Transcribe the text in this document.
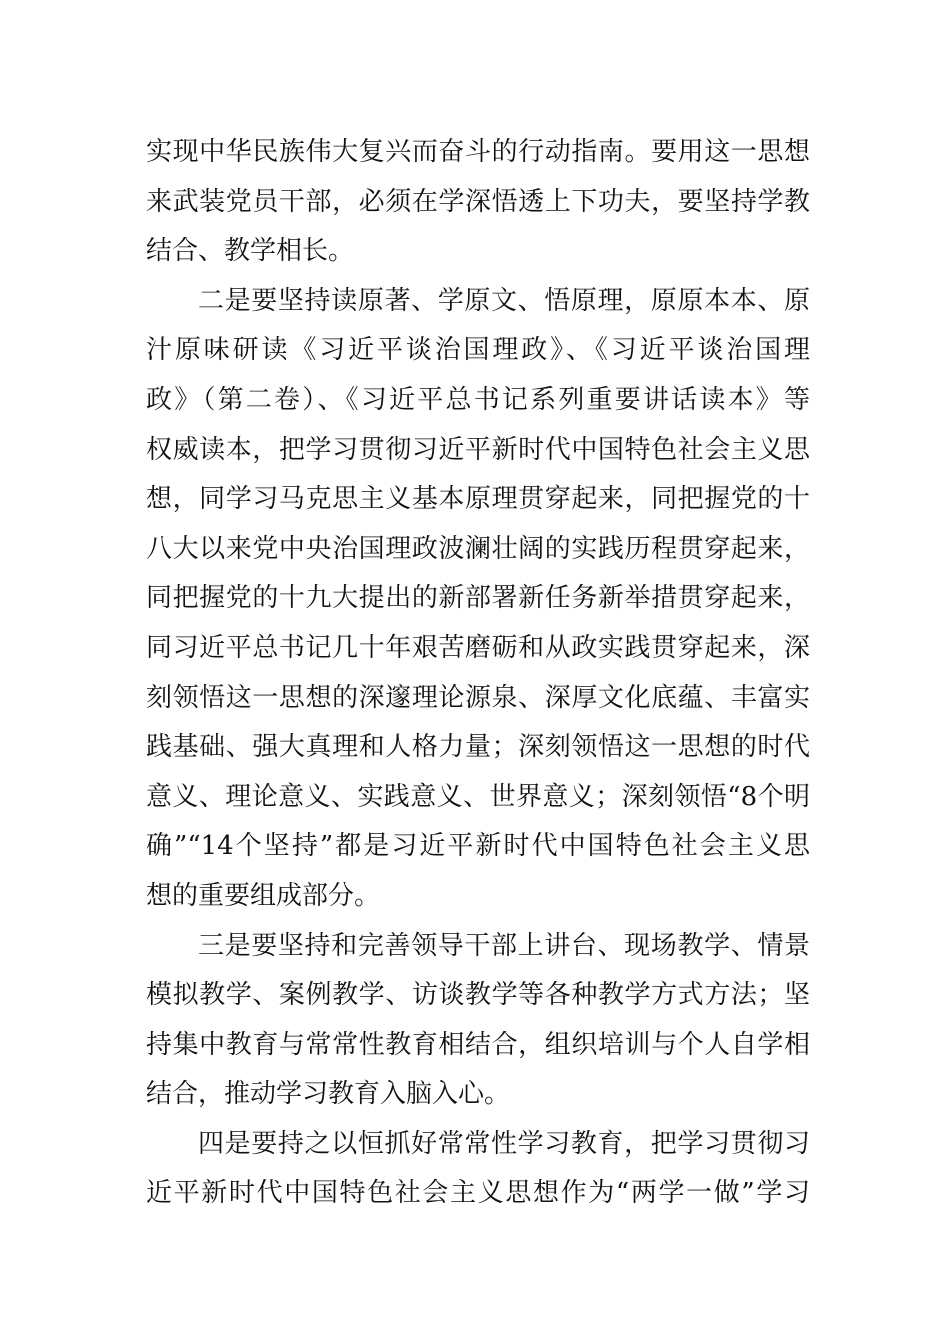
实现中华民族伟大复兴而奋斗的行动指南。要用这一思想
来武装党员干部，必须在学深悟透上下功夫，要坚持学教
结合、教学相长。
二是要坚持读原著、学原文、悟原理，原原本本、原
汁原味研读《习近平谈治国理政》、《习近平谈治国理
政》（第二卷）、《习近平总书记系列重要讲话读本》等
权威读本，把学习贯彻习近平新时代中国特色社会主义思
想，同学习马克思主义基本原理贯穿起来，同把握党的十
八大以来党中央治国理政波澜壮阔的实践历程贯穿起来，
同把握党的十九大提出的新部署新任务新举措贯穿起来，
同习近平总书记几十年艰苦磨砺和从政实践贯穿起来，深
刻领悟这一思想的深邃理论源泉、深厚文化底蕴、丰富实
践基础、强大真理和人格力量；深刻领悟这一思想的时代
意义、理论意义、实践意义、世界意义；深刻领悟“8个明
确”“14个坚持”都是习近平新时代中国特色社会主义思
想的重要组成部分。
三是要坚持和完善领导干部上讲台、现场教学、情景
模拟教学、案例教学、访谈教学等各种教学方式方法；坚
持集中教育与常常性教育相结合，组织培训与个人自学相
结合，推动学习教育入脑入心。
四是要持之以恒抓好常常性学习教育，把学习贯彻习
近平新时代中国特色社会主义思想作为“两学一做”学习
